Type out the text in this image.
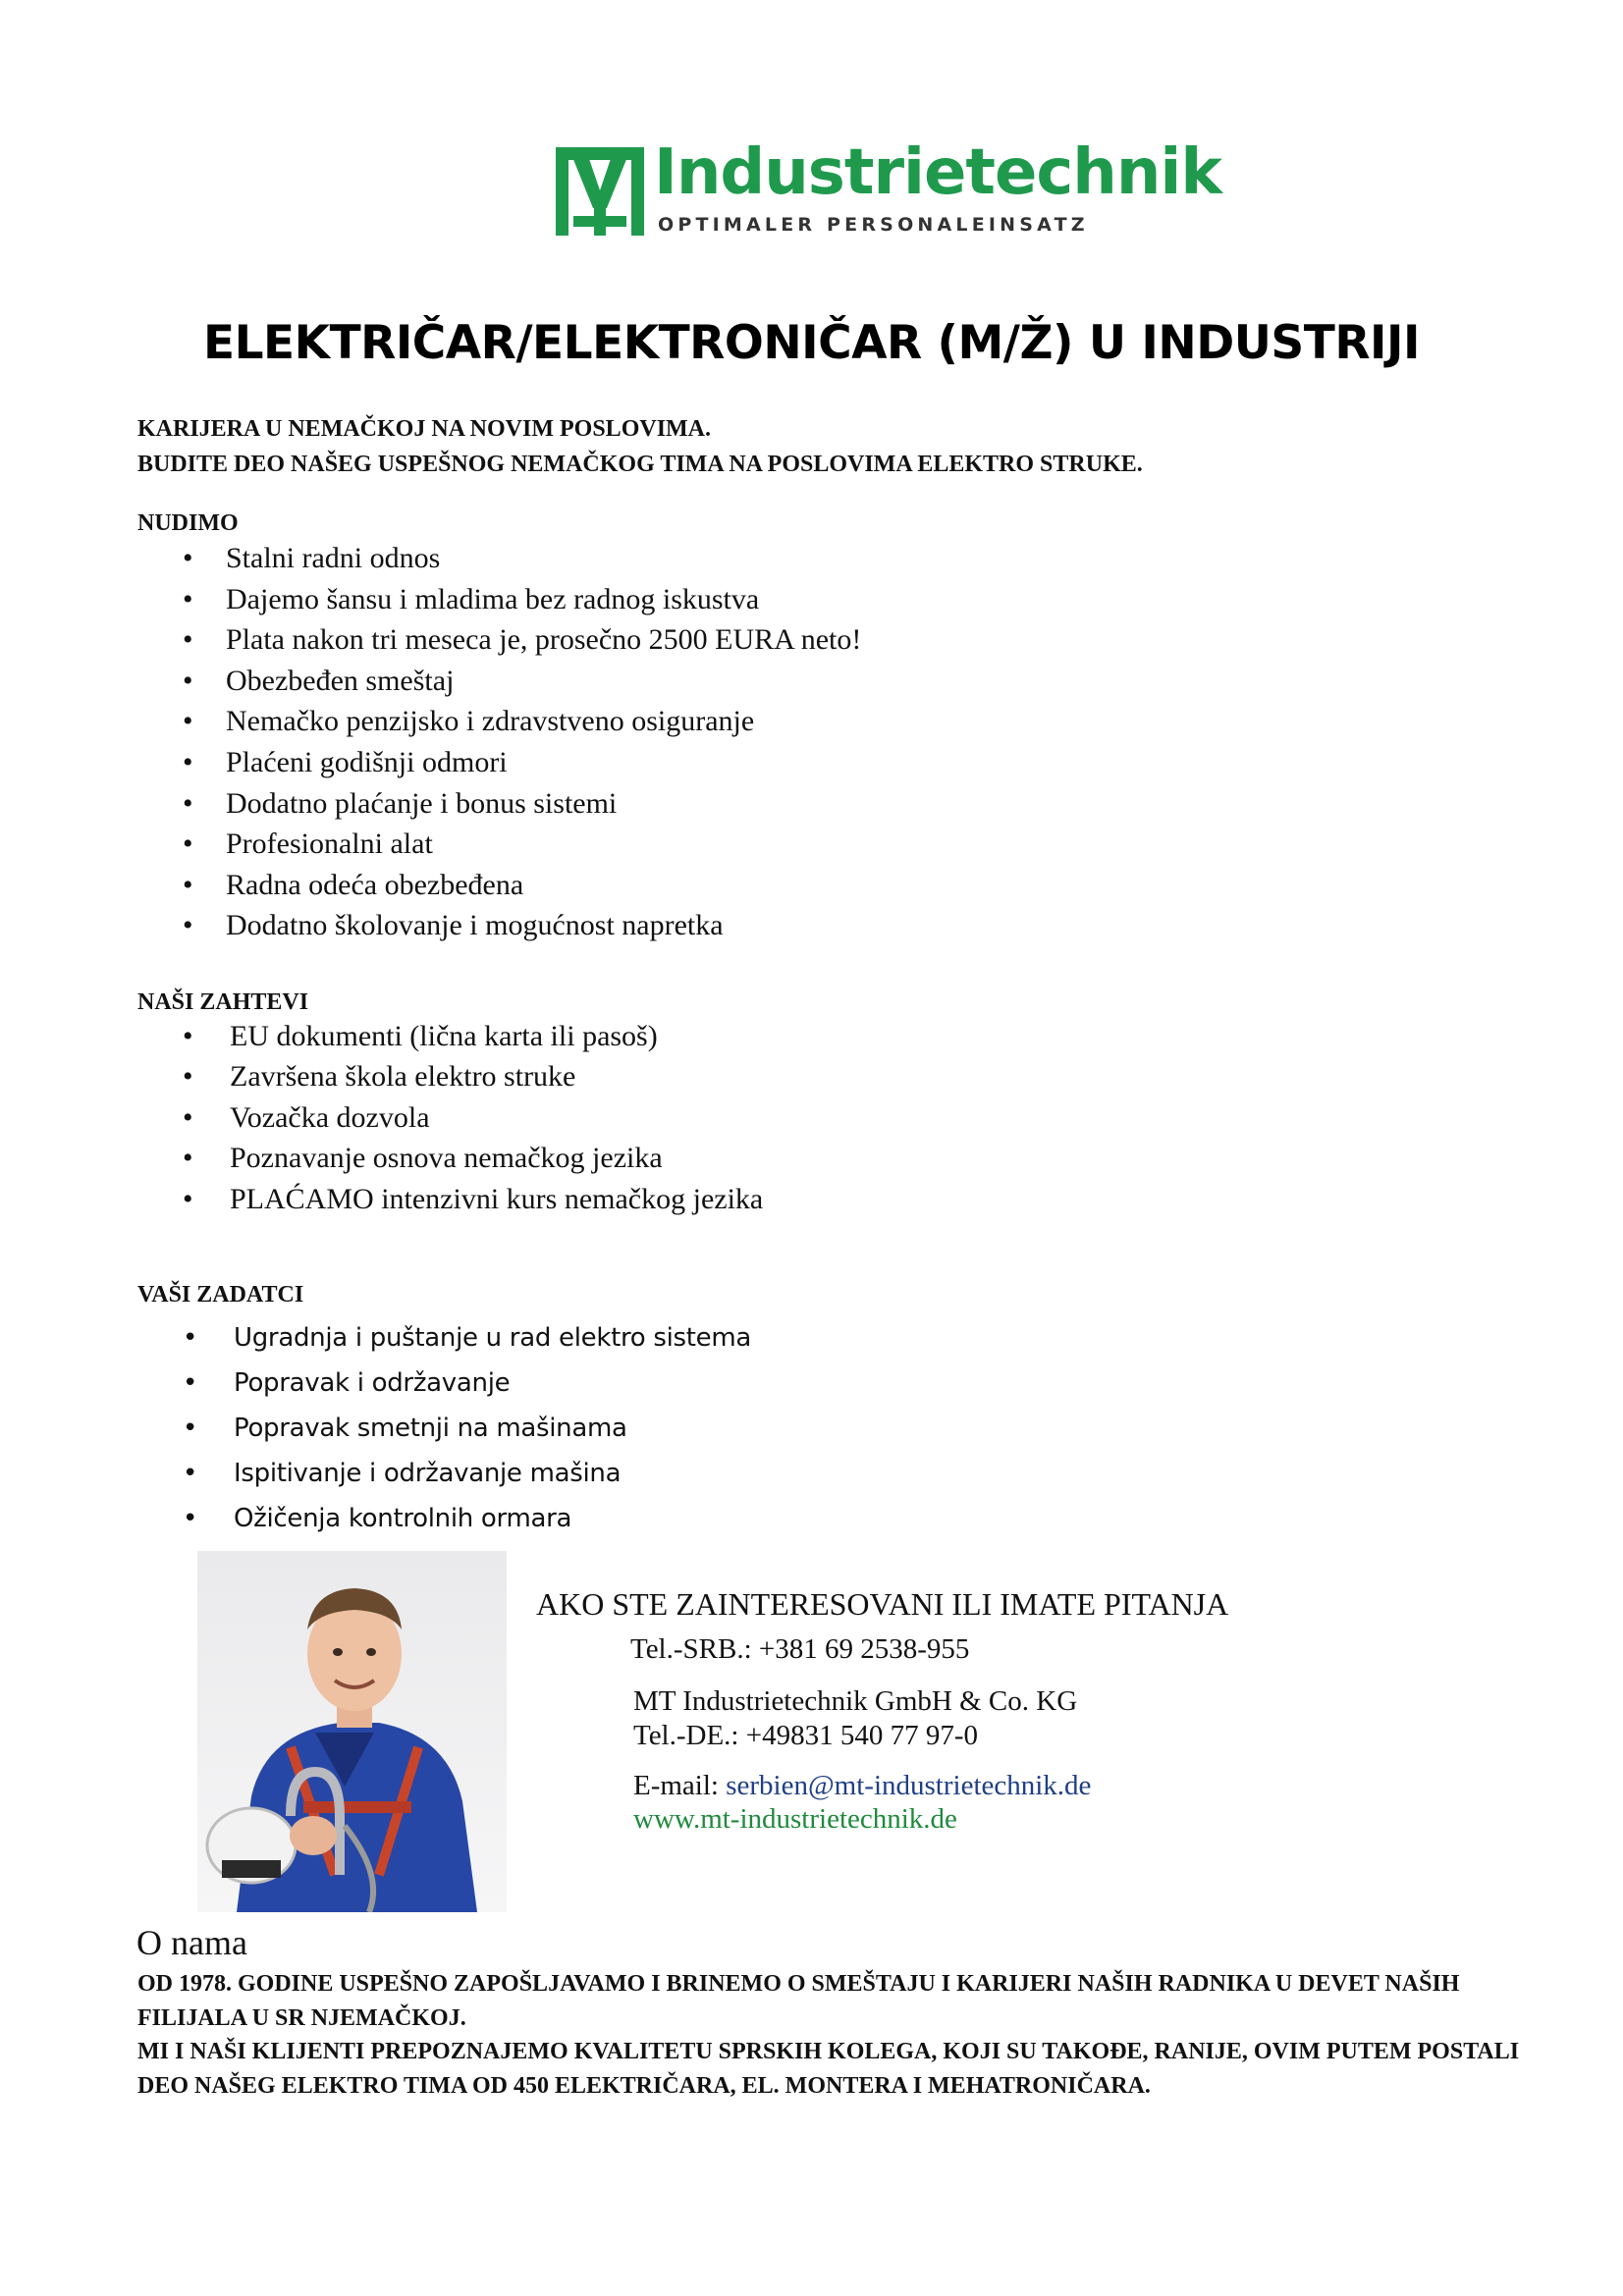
Industrietechnik
OPTIMALER PERSONALEINSATZ
ELEKTRIČAR/ELEKTRONIČAR (M/Ž) U INDUSTRIJI
KARIJERA U NEMAČKOJ NA NOVIM POSLOVIMA.
BUDITE DEO NAŠEG USPEŠNOG NEMAČKOG TIMA NA POSLOVIMA ELEKTRO STRUKE.
NUDIMO
• Stalni radni odnos
• Dajemo šansu i mladima bez radnog iskustva
• Plata nakon tri meseca je, prosečno 2500 EURA neto!
• Obezbeđen smeštaj
• Nemačko penzijsko i zdravstveno osiguranje
• Plaćeni godišnji odmori
• Dodatno plaćanje i bonus sistemi
• Profesionalni alat
• Radna odeća obezbeđena
• Dodatno školovanje i mogućnost napretka
NAŠI ZAHTEVI
• EU dokumenti (lična karta ili pasoš)
• Završena škola elektro struke
• Vozačka dozvola
• Poznavanje osnova nemačkog jezika
• PLAĆAMO intenzivni kurs nemačkog jezika
VAŠI ZADATCI
• Ugradnja i puštanje u rad elektro sistema
• Popravak i održavanje
• Popravak smetnji na mašinama
• Ispitivanje i održavanje mašina
• Ožičenja kontrolnih ormara
AKO STE ZAINTERESOVANI ILI IMATE PITANJA
Tel.-SRB.: +381 69 2538-955
MT Industrietechnik GmbH & Co. KG
Tel.-DE.: +49831 540 77 97-0
E-mail: serbien@mt-industrietechnik.de
www.mt-industrietechnik.de
O nama
OD 1978. GODINE USPEŠNO ZAPOŠLJAVAMO I BRINEMO O SMEŠTAJU I KARIJERI NAŠIH RADNIKA U DEVET NAŠIH FILIJALA U SR NJEMAČKOJ.
MI I NAŠI KLIJENTI PREPOZNAJEMO KVALITETU SPRSKIH KOLEGA, KOJI SU TAKOĐE, RANIJE, OVIM PUTEM POSTALI DEO NAŠEG ELEKTRO TIMA OD 450 ELEKTRIČARA, EL. MONTERA I MEHATRONIČARA.
